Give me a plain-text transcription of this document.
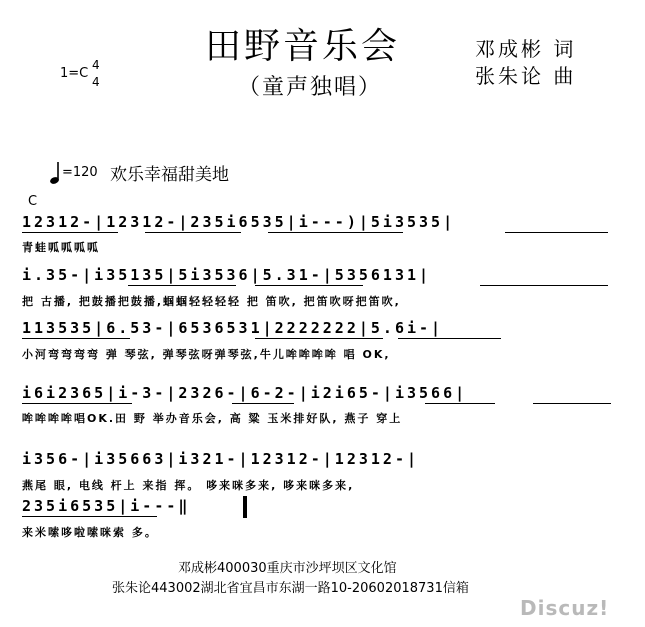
田野音乐会
（童声独唱）
邓成彬 词
张朱论 曲
1=C
4
4
=120 欢乐幸福甜美地
C
12312-|12312-|235i6535|i---)|5i3535|
青蛙呱呱呱呱
i.35-|i35135|5i3536|5.31-|5356131|
把 古播, 把鼓播把鼓播,蝈蝈轻轻轻轻 把 笛吹, 把笛吹呀把笛吹,
113535|6.53-|6536531|2222222|5.6i-|
小河弯弯弯弯 弹 琴弦, 弹琴弦呀弹琴弦,牛儿哞哞哞哞 唱 OK,
i6i2365|i-3-|2326-|6-2-|i2i65-|i3566|
哞哞哞哞唱OK.田 野 举办音乐会, 高 粱 玉米排好队, 燕子 穿上
i356-|i35663|i321-|12312-|12312-|
燕尾 眼, 电线 杆上 来指 挥。 哆来咪多来, 哆来咪多来,
235i6535|i---‖
来米嗦哆啦嗦咪索 多。
邓成彬400030重庆市沙坪坝区文化馆
张朱论443002湖北省宜昌市东湖一路10-20602018731信箱
Discuz!
